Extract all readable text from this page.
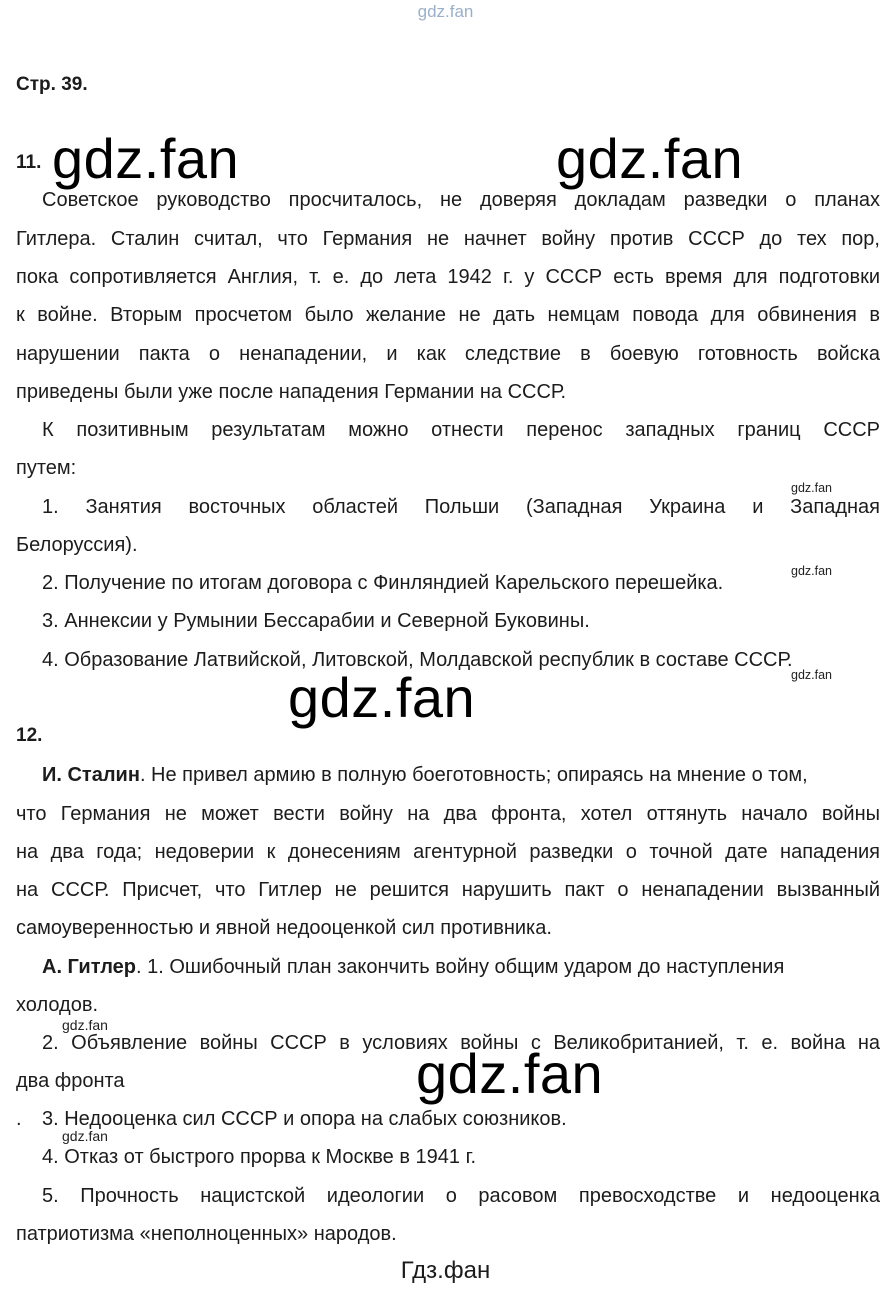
gdz.fan
Стр. 39.
11. gdz.fan	gdz.fan
Советское руководство просчиталось, не доверяя докладам разведки о планах
Гитлера. Сталин считал, что Германия не начнет войну против СССР до тех пор,
пока сопротивляется Англия, т. е. до лета 1942 г. у СССР есть время для подготовки
к войне. Вторым просчетом было желание не дать немцам повода для обвинения в
нарушении пакта о ненападении, и как следствие в боевую готовность войска
приведены были уже после нападения Германии на СССР.
К позитивным результатам можно отнести перенос западных границ СССР
путем:
gdz.fan
1. Занятия восточных областей Польши (Западная Украина и Западная
Белоруссия).
gdz.fan
2. Получение по итогам договора с Финляндией Карельского перешейка.
3. Аннексии у Румынии Бессарабии и Северной Буковины.
4. Образование Латвийской, Литовской, Молдавской республик в составе СССР.
gdz.fan
gdz.fan
12.
И. Сталин. Не привел армию в полную боеготовность; опираясь на мнение о том,
что Германия не может вести войну на два фронта, хотел оттянуть начало войны
на два года; недоверии к донесениям агентурной разведки о точной дате нападения
на СССР. Присчет, что Гитлер не решится нарушить пакт о ненападении вызванный
самоуверенностью и явной недооценкой сил противника.
А. Гитлер. 1. Ошибочный план закончить войну общим ударом до наступления
холодов.
gdz.fan
2. Объявление войны СССР в условиях войны с Великобританией, т. е. война на
два фронта	gdz.fan
. 3. Недооценка сил СССР и опора на слабых союзников.
gdz.fan
4. Отказ от быстрого прорва к Москве в 1941 г.
5. Прочность нацистской идеологии о расовом превосходстве и недооценка
патриотизма «неполноценных» народов.
Гдз.фан
